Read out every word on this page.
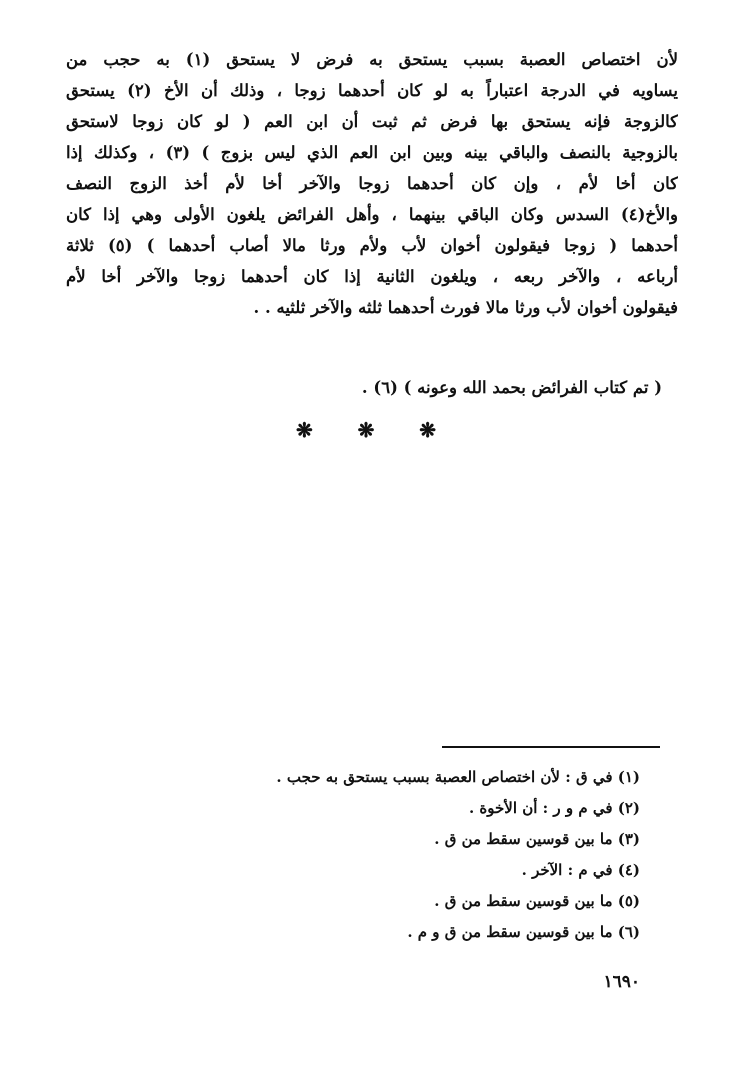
لأن اختصاص العصبة بسبب يستحق به فرض لا يستحق (١) به حجب من
يساويه في الدرجة اعتباراً به لو كان أحدهما زوجا ، وذلك أن الأخ (٢) يستحق
كالزوجة فإنه يستحق بها فرض ثم ثبت أن ابن العم ( لو كان زوجا لاستحق
بالزوجية بالنصف والباقي بينه وبين ابن العم الذي ليس بزوج ) (٣) ، وكذلك إذا
كان أخا لأم ، وإن كان أحدهما زوجا والآخر أخا لأم أخذ الزوج النصف
والأخ(٤) السدس وكان الباقي بينهما ، وأهل الفرائض يلغون الأولى وهي إذا كان
أحدهما ( زوجا فيقولون أخوان لأب ولأم ورثا مالا أصاب أحدهما ) (٥) ثلاثة
أرباعه ، والآخر ربعه ، ويلغون الثانية إذا كان أحدهما زوجا والآخر أخا لأم
فيقولون أخوان لأب ورثا مالا فورث أحدهما ثلثه والآخر ثلثيه . .
( تم كتاب الفرائض بحمد الله وعونه ) (٦) .
❋ ❋ ❋
(١) في ق : لأن اختصاص العصبة بسبب يستحق به حجب .
(٢) في م و ر : أن الأخوة .
(٣) ما بين قوسين سقط من ق .
(٤) في م : الآخر .
(٥) ما بين قوسين سقط من ق .
(٦) ما بين قوسين سقط من ق و م .
١٦٩٠
